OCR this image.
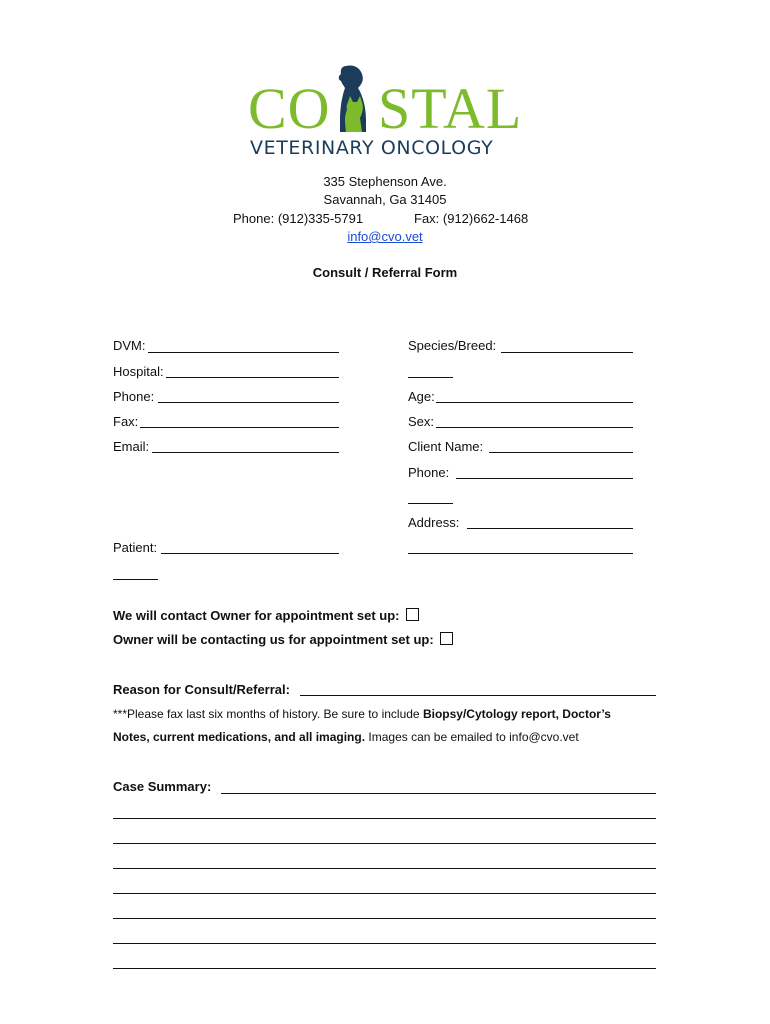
CO STAL
VETERINARY ONCOLOGY
335 Stephenson Ave.
Savannah, Ga 31405
Phone: (912)335-5791	Fax: (912)662-1468
info@cvo.vet
Consult / Referral Form
DVM:
Hospital:
Phone:
Fax:
Email:
Patient:
Species/Breed:
Age:
Sex:
Client Name:
Phone:
Address:
We will contact Owner for appointment set up:
Owner will be contacting us for appointment set up:
Reason for Consult/Referral:
***Please fax last six months of history. Be sure to include Biopsy/Cytology report, Doctor’s
Notes, current medications, and all imaging. Images can be emailed to info@cvo.vet
Case Summary:
